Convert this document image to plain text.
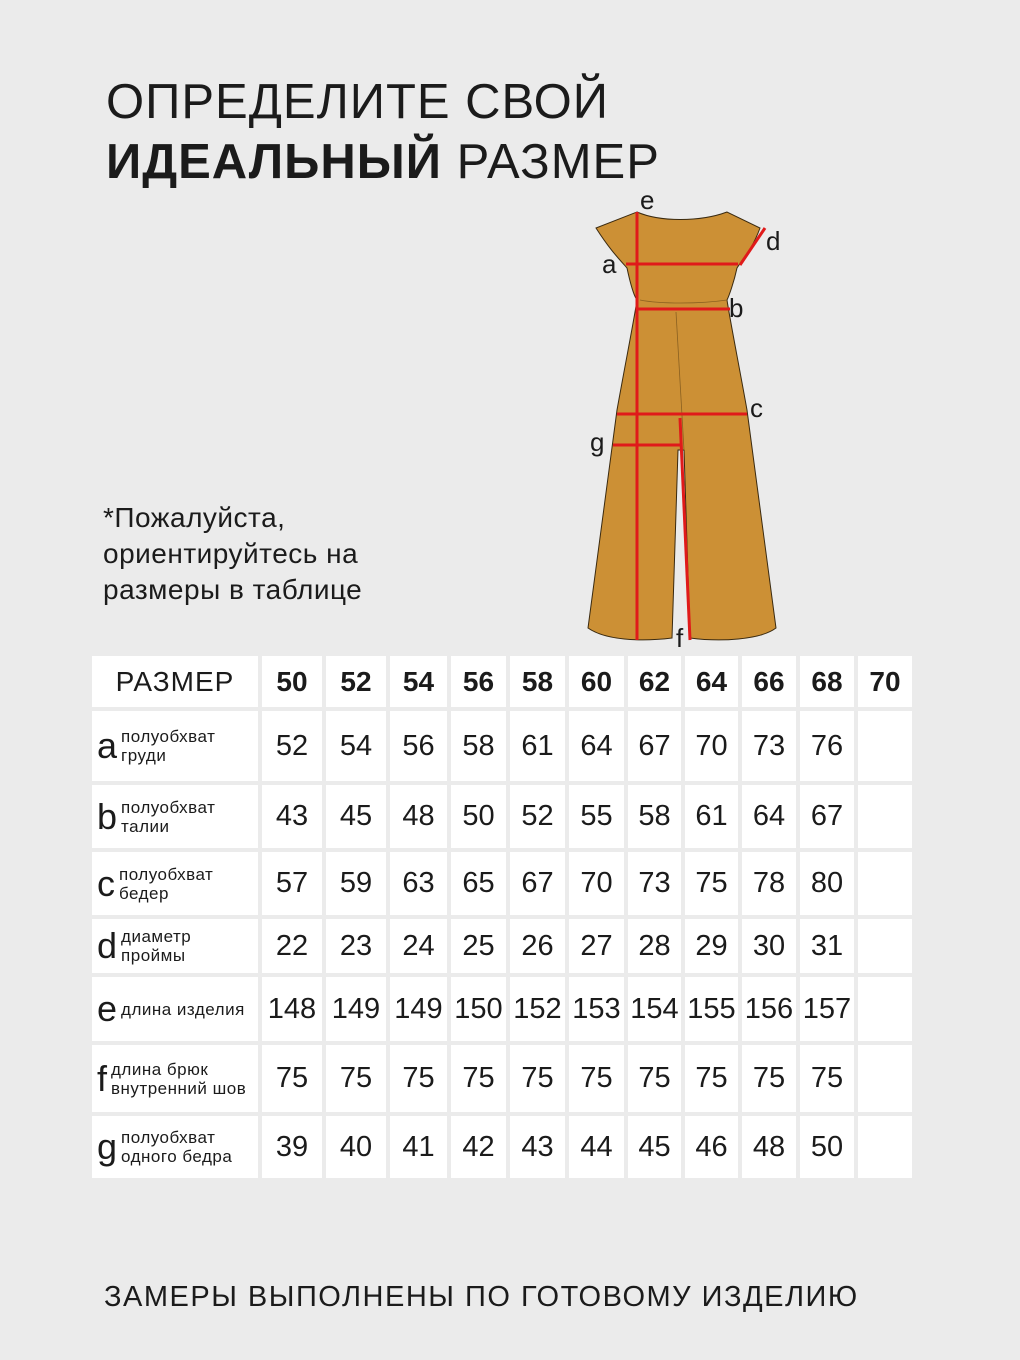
ОПРЕДЕЛИТЕ СВОЙ
ИДЕАЛЬНЫЙ РАЗМЕР
*Пожалуйста, ориентируйтесь на размеры в таблице
e
d
a
b
c
g
f
РАЗМЕР	50	52	54	56	58	60	62	64	66	68	70

a полуобхват груди	52	54	56	58	61	64	67	70	73	76	

b полуобхват талии	43	45	48	50	52	55	58	61	64	67	

c полуобхват бедер	57	59	63	65	67	70	73	75	78	80	

d диаметр проймы	22	23	24	25	26	27	28	29	30	31	

e длина изделия	148	149	149	150	152	153	154	155	156	157	

f длина брюк внутренний шов	75	75	75	75	75	75	75	75	75	75	

g полуобхват одного бедра	39	40	41	42	43	44	45	46	48	50	
ЗАМЕРЫ ВЫПОЛНЕНЫ ПО ГОТОВОМУ ИЗДЕЛИЮ
